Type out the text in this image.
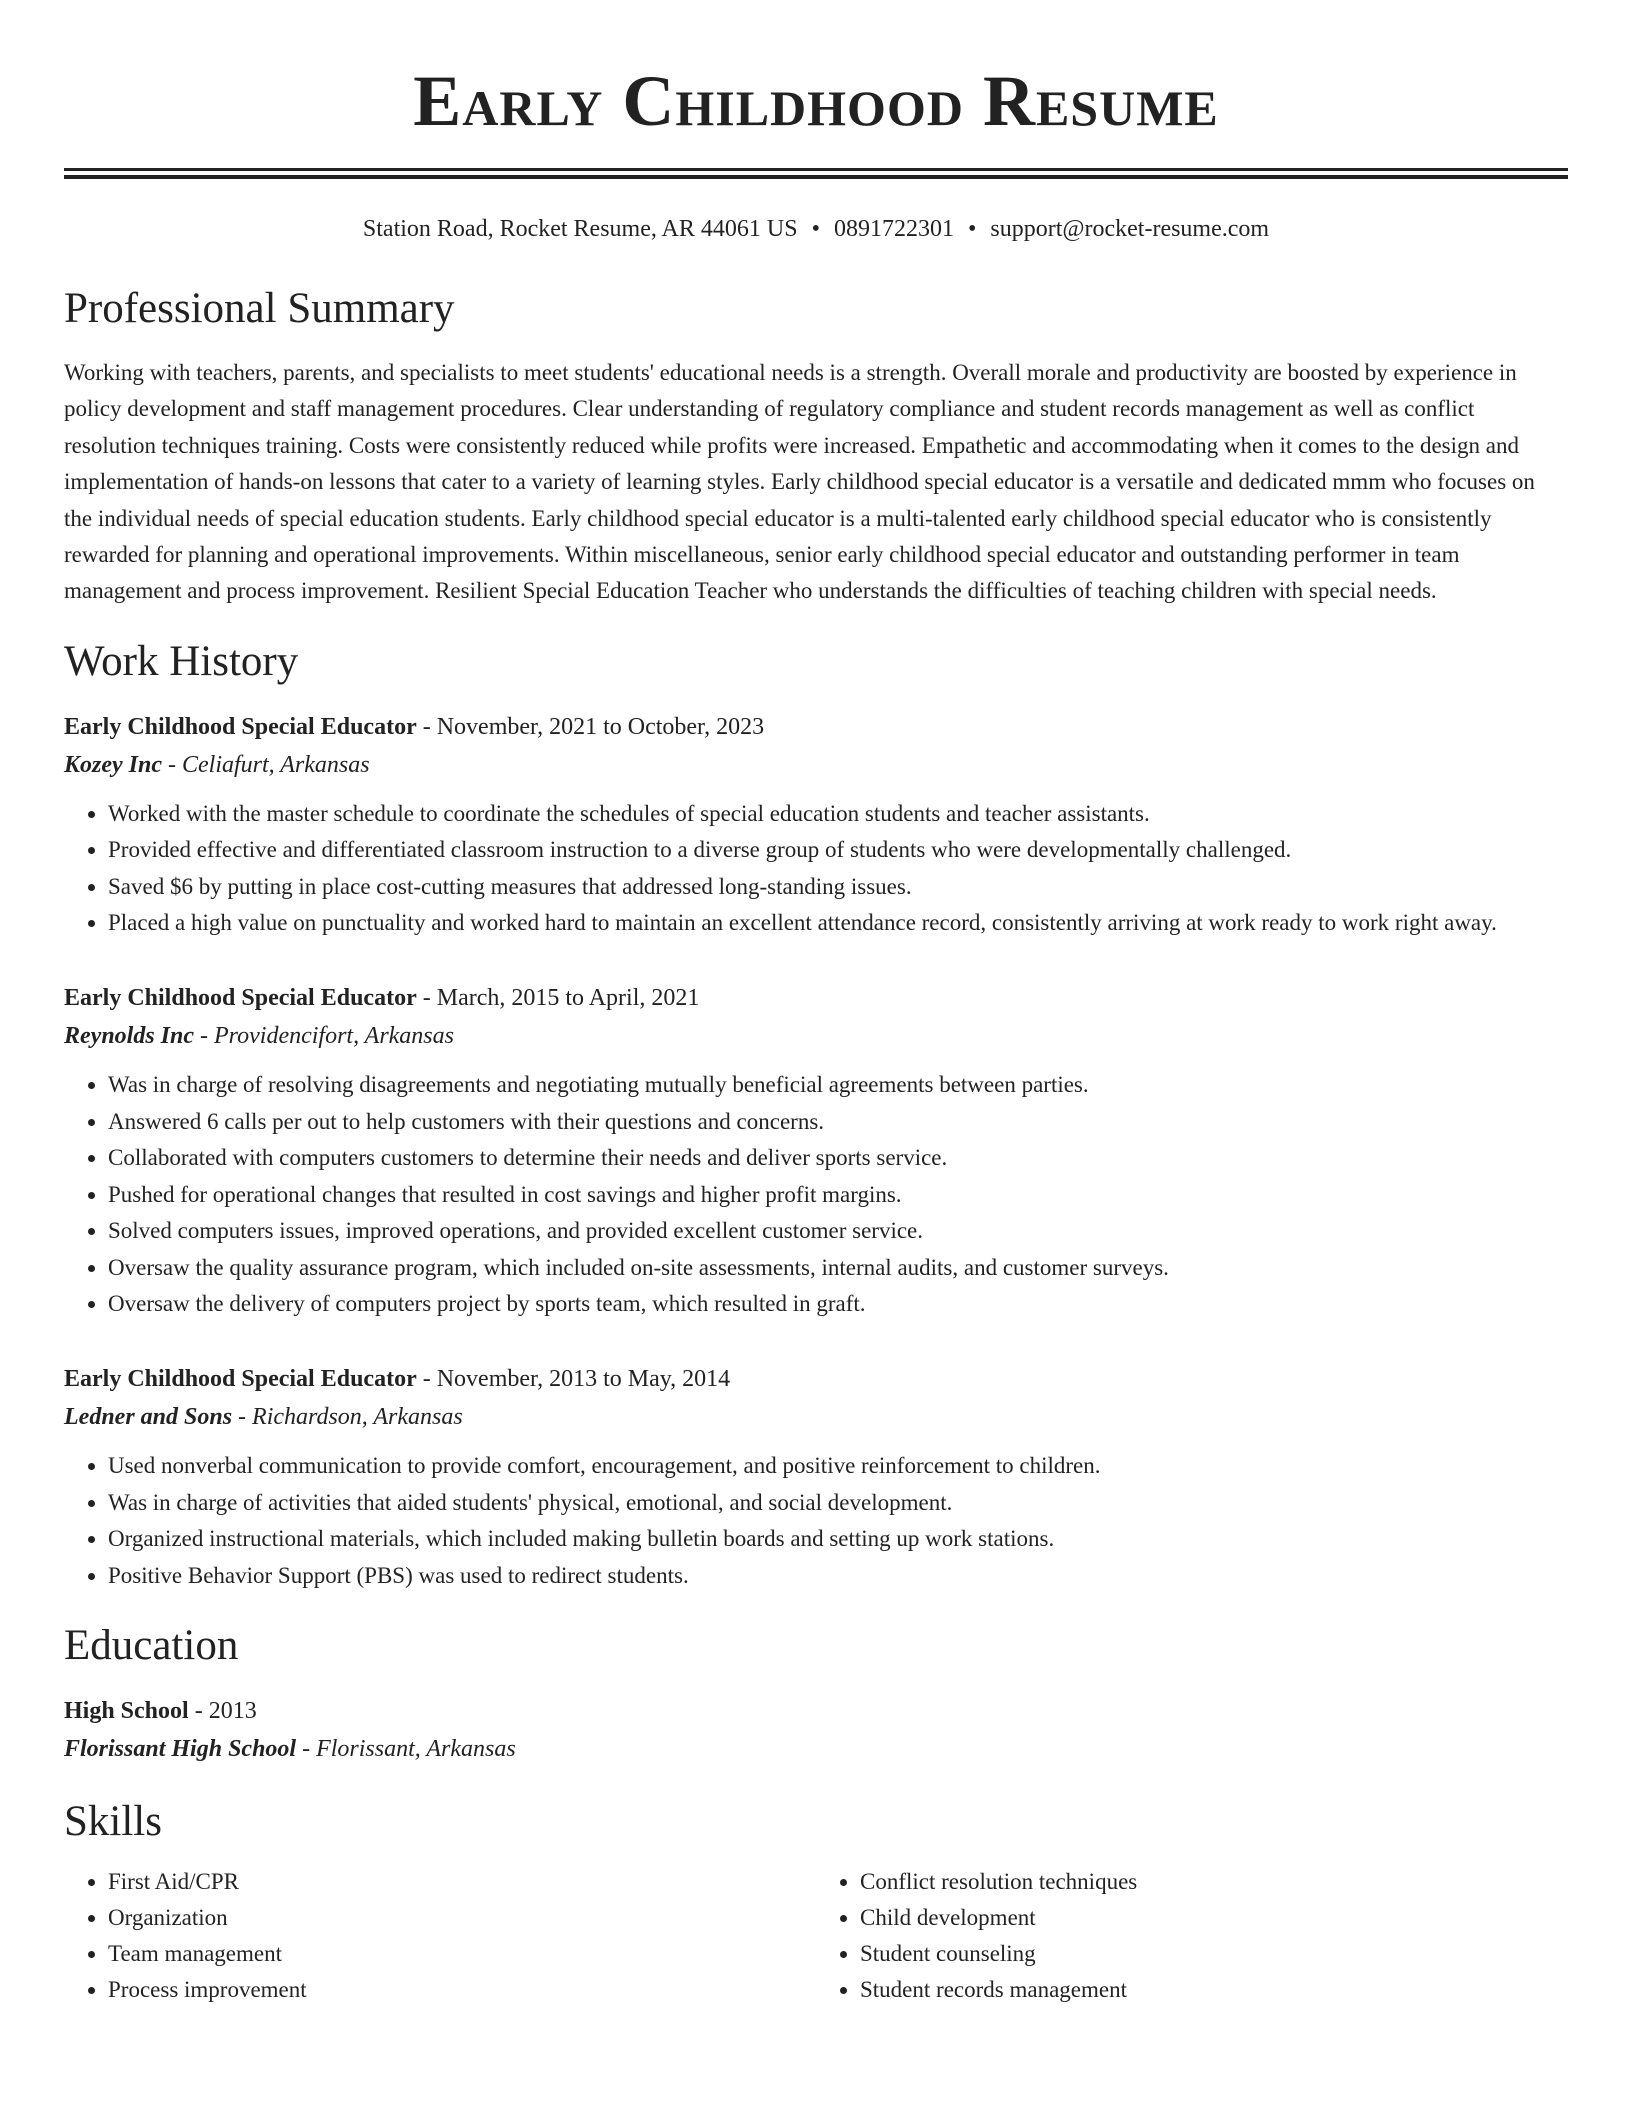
Early Childhood Resume
Station Road, Rocket Resume, AR 44061 US • 0891722301 • support@rocket-resume.com
Professional Summary

Working with teachers, parents, and specialists to meet students' educational needs is a strength. Overall morale and productivity are boosted by experience in policy development and staff management procedures. Clear understanding of regulatory compliance and student records management as well as conflict resolution techniques training. Costs were consistently reduced while profits were increased. Empathetic and accommodating when it comes to the design and implementation of hands-on lessons that cater to a variety of learning styles. Early childhood special educator is a versatile and dedicated mmm who focuses on the individual needs of special education students. Early childhood special educator is a multi-talented early childhood special educator who is consistently rewarded for planning and operational improvements. Within miscellaneous, senior early childhood special educator and outstanding performer in team management and process improvement. Resilient Special Education Teacher who understands the difficulties of teaching children with special needs.

Work History
Early Childhood Special Educator - November, 2021 to October, 2023
Kozey Inc - Celiafurt, Arkansas
• Worked with the master schedule to coordinate the schedules of special education students and teacher assistants.
• Provided effective and differentiated classroom instruction to a diverse group of students who were developmentally challenged.
• Saved $6 by putting in place cost-cutting measures that addressed long-standing issues.
• Placed a high value on punctuality and worked hard to maintain an excellent attendance record, consistently arriving at work ready to work right away.
Early Childhood Special Educator - March, 2015 to April, 2021
Reynolds Inc - Providencifort, Arkansas
• Was in charge of resolving disagreements and negotiating mutually beneficial agreements between parties.
• Answered 6 calls per out to help customers with their questions and concerns.
• Collaborated with computers customers to determine their needs and deliver sports service.
• Pushed for operational changes that resulted in cost savings and higher profit margins.
• Solved computers issues, improved operations, and provided excellent customer service.
• Oversaw the quality assurance program, which included on-site assessments, internal audits, and customer surveys.
• Oversaw the delivery of computers project by sports team, which resulted in graft.
Early Childhood Special Educator - November, 2013 to May, 2014
Ledner and Sons - Richardson, Arkansas
• Used nonverbal communication to provide comfort, encouragement, and positive reinforcement to children.
• Was in charge of activities that aided students' physical, emotional, and social development.
• Organized instructional materials, which included making bulletin boards and setting up work stations.
• Positive Behavior Support (PBS) was used to redirect students.
Education
High School - 2013
Florissant High School - Florissant, Arkansas
Skills
• First Aid/CPR
• Organization
• Team management
• Process improvement
• Conflict resolution techniques
• Child development
• Student counseling
• Student records management
